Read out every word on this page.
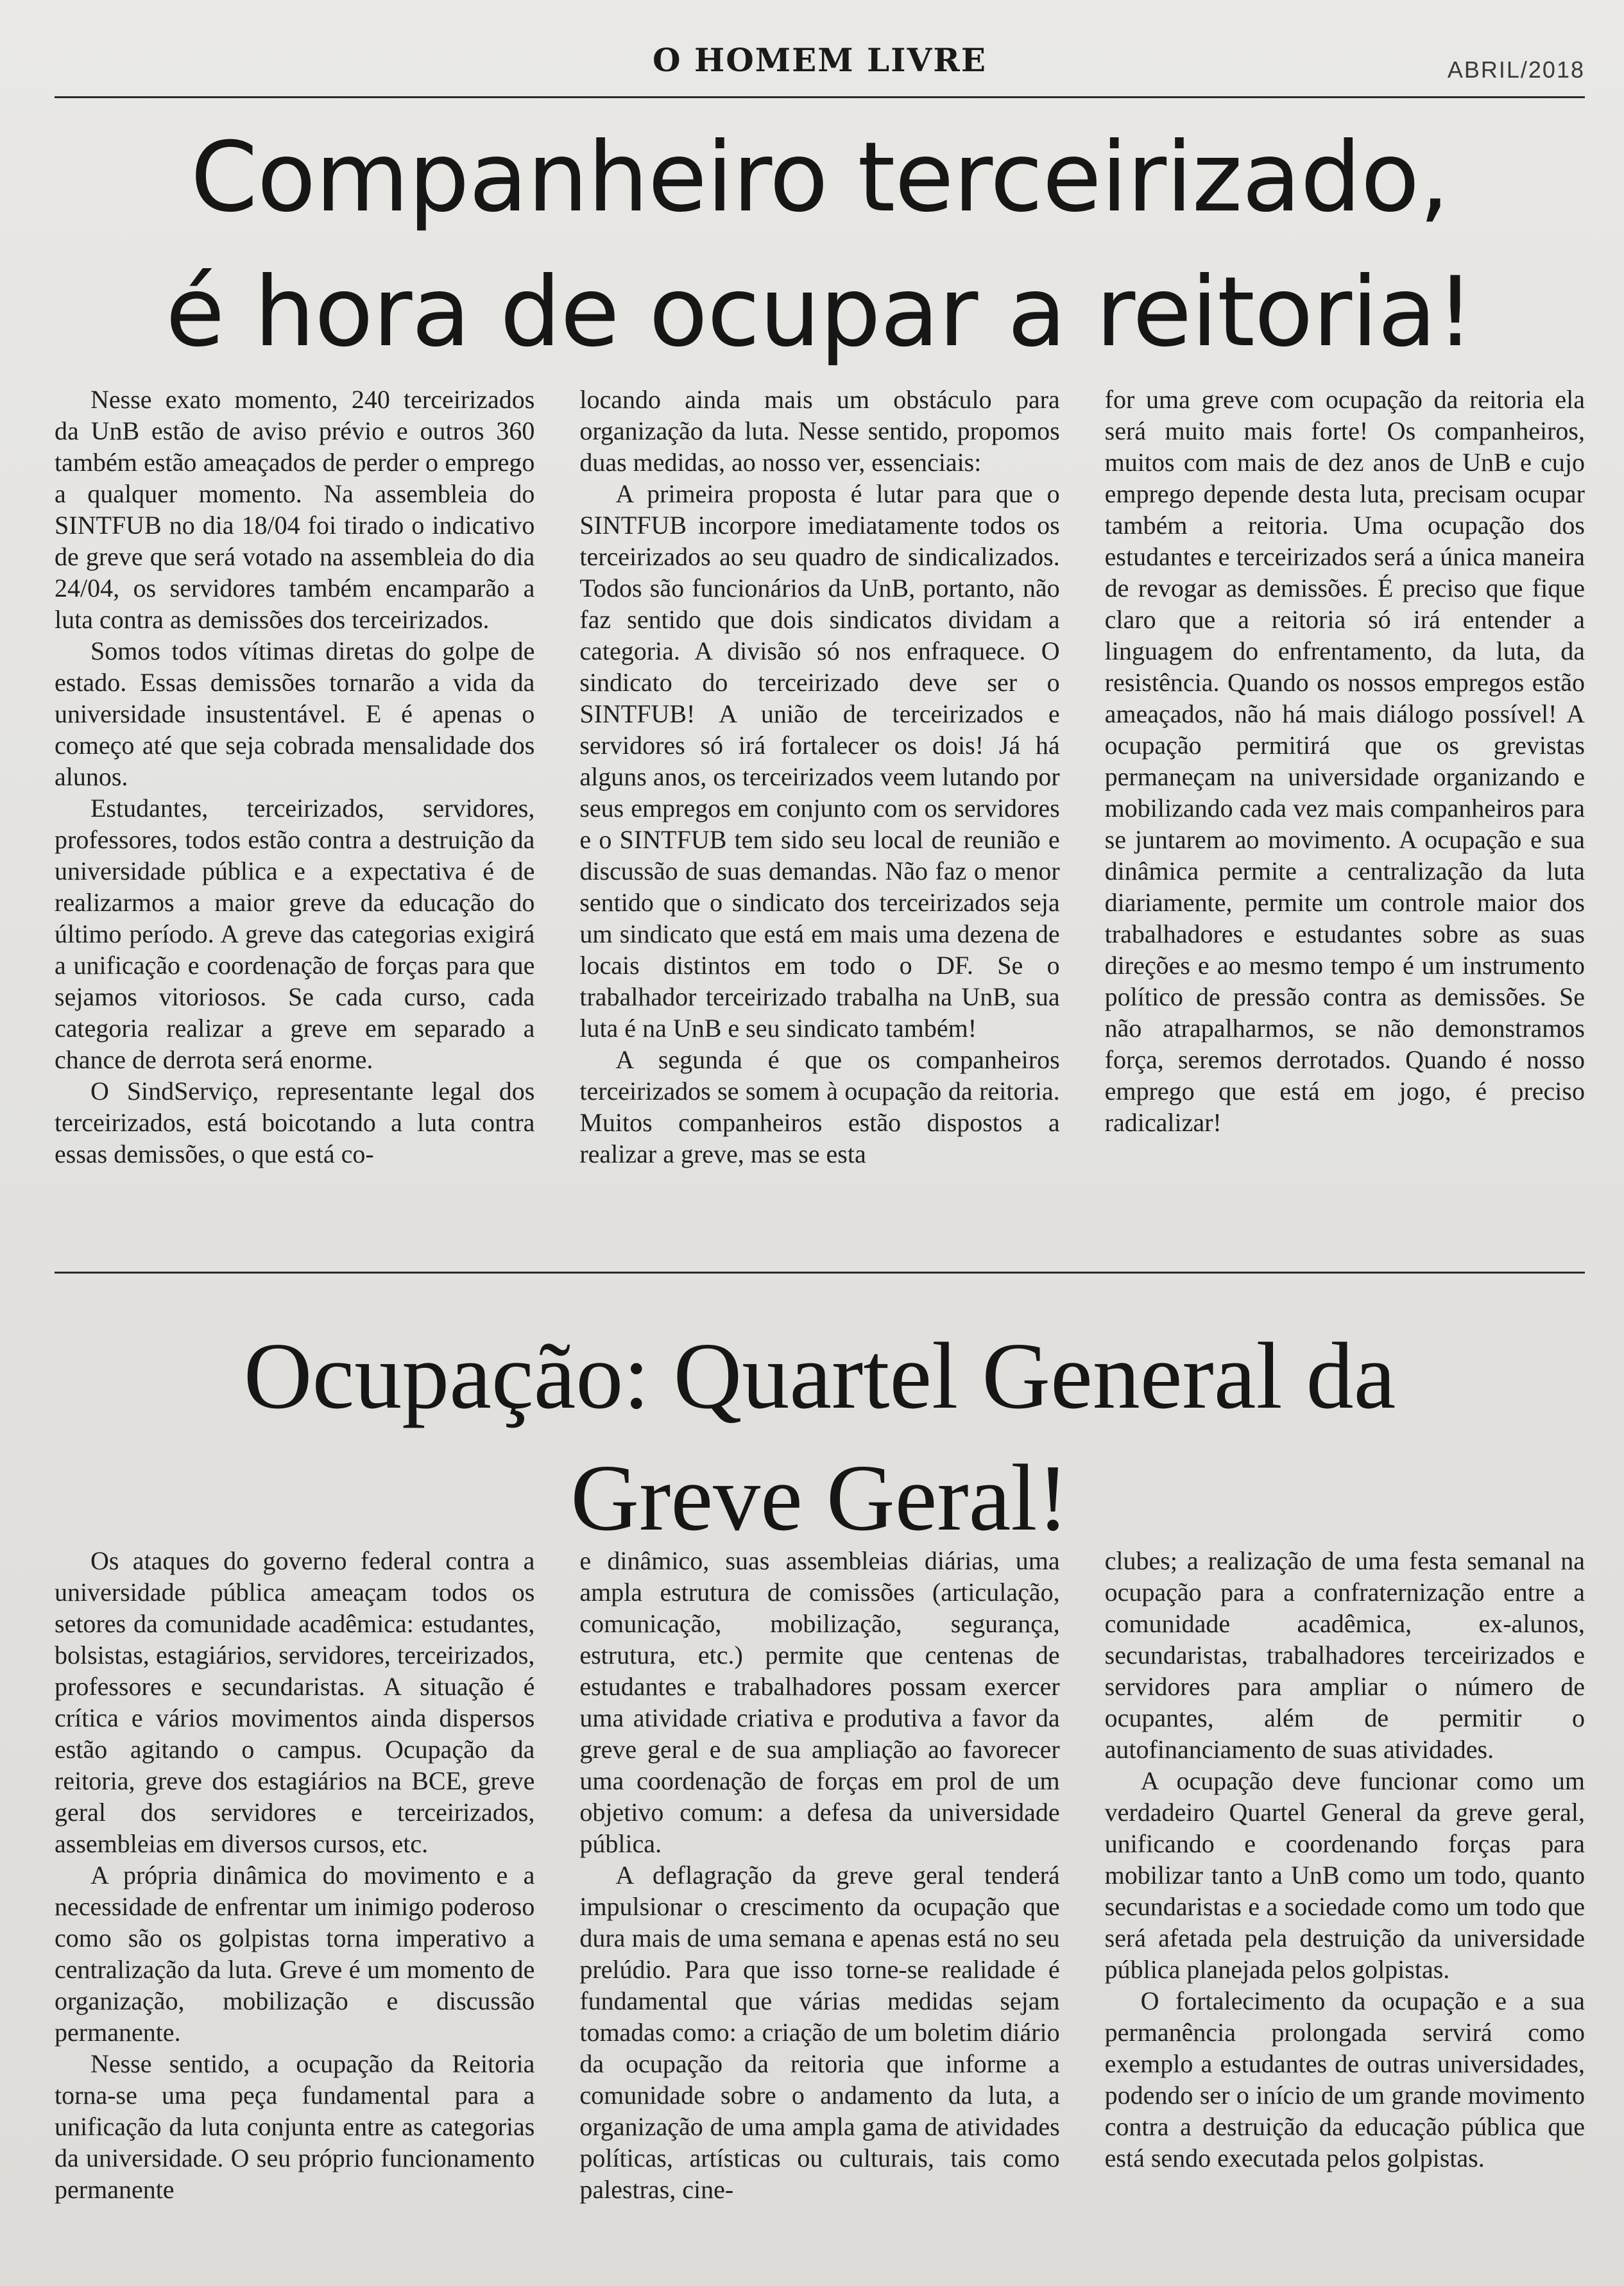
O HOMEM LIVRE	ABRIL/2018
Companheiro terceirizado,
é hora de ocupar a reitoria!

Nesse exato momento, 240 terceirizados da UnB estão de aviso prévio e outros 360 também estão ameaçados de perder o emprego a qualquer momento. Na assembleia do SINTFUB no dia 18/04 foi tirado o indicativo de greve que será votado na assembleia do dia 24/04, os servidores também encamparão a luta contra as demissões dos terceirizados.

Somos todos vítimas diretas do golpe de estado. Essas demissões tornarão a vida da universidade insustentável. E é apenas o começo até que seja cobrada mensalidade dos alunos.

Estudantes, terceirizados, servidores, professores, todos estão contra a destruição da universidade pública e a expectativa é de realizarmos a maior greve da educação do último período. A greve das categorias exigirá a unificação e coordenação de forças para que sejamos vitoriosos. Se cada curso, cada categoria realizar a greve em separado a chance de derrota será enorme.

O SindServiço, representante legal dos terceirizados, está boicotando a luta contra essas demissões, o que está co-

locando ainda mais um obstáculo para organização da luta. Nesse sentido, propomos duas medidas, ao nosso ver, essenciais:

A primeira proposta é lutar para que o SINTFUB incorpore imediatamente todos os terceirizados ao seu quadro de sindicalizados. Todos são funcionários da UnB, portanto, não faz sentido que dois sindicatos dividam a categoria. A divisão só nos enfraquece. O sindicato do terceirizado deve ser o SINTFUB! A união de terceirizados e servidores só irá fortalecer os dois! Já há alguns anos, os terceirizados veem lutando por seus empregos em conjunto com os servidores e o SINTFUB tem sido seu local de reunião e discussão de suas demandas. Não faz o menor sentido que o sindicato dos terceirizados seja um sindicato que está em mais uma dezena de locais distintos em todo o DF. Se o trabalhador terceirizado trabalha na UnB, sua luta é na UnB e seu sindicato também!

A segunda é que os companheiros terceirizados se somem à ocupação da reitoria. Muitos companheiros estão dispostos a realizar a greve, mas se esta

for uma greve com ocupação da reitoria ela será muito mais forte! Os companheiros, muitos com mais de dez anos de UnB e cujo emprego depende desta luta, precisam ocupar também a reitoria. Uma ocupação dos estudantes e terceirizados será a única maneira de revogar as demissões. É preciso que fique claro que a reitoria só irá entender a linguagem do enfrentamento, da luta, da resistência. Quando os nossos empregos estão ameaçados, não há mais diálogo possível! A ocupação permitirá que os grevistas permaneçam na universidade organizando e mobilizando cada vez mais companheiros para se juntarem ao movimento. A ocupação e sua dinâmica permite a centralização da luta diariamente, permite um controle maior dos trabalhadores e estudantes sobre as suas direções e ao mesmo tempo é um instrumento político de pressão contra as demissões. Se não atrapalharmos, se não demonstramos força, seremos derrotados. Quando é nosso emprego que está em jogo, é preciso radicalizar!

Ocupação: Quartel General da
Greve Geral!

Os ataques do governo federal contra a universidade pública ameaçam todos os setores da comunidade acadêmica: estudantes, bolsistas, estagiários, servidores, terceirizados, professores e secundaristas. A situação é crítica e vários movimentos ainda dispersos estão agitando o campus. Ocupação da reitoria, greve dos estagiários na BCE, greve geral dos servidores e terceirizados, assembleias em diversos cursos, etc.

A própria dinâmica do movimento e a necessidade de enfrentar um inimigo poderoso como são os golpistas torna imperativo a centralização da luta. Greve é um momento de organização, mobilização e discussão permanente.

Nesse sentido, a ocupação da Reitoria torna-se uma peça fundamental para a unificação da luta conjunta entre as categorias da universidade. O seu próprio funcionamento permanente

e dinâmico, suas assembleias diárias, uma ampla estrutura de comissões (articulação, comunicação, mobilização, segurança, estrutura, etc.) permite que centenas de estudantes e trabalhadores possam exercer uma atividade criativa e produtiva a favor da greve geral e de sua ampliação ao favorecer uma coordenação de forças em prol de um objetivo comum: a defesa da universidade pública.

A deflagração da greve geral tenderá impulsionar o crescimento da ocupação que dura mais de uma semana e apenas está no seu prelúdio. Para que isso torne-se realidade é fundamental que várias medidas sejam tomadas como: a criação de um boletim diário da ocupação da reitoria que informe a comunidade sobre o andamento da luta, a organização de uma ampla gama de atividades políticas, artísticas ou culturais, tais como palestras, cine-

clubes; a realização de uma festa semanal na ocupação para a confraternização entre a comunidade acadêmica, ex-alunos, secundaristas, trabalhadores terceirizados e servidores para ampliar o número de ocupantes, além de permitir o autofinanciamento de suas atividades.

A ocupação deve funcionar como um verdadeiro Quartel General da greve geral, unificando e coordenando forças para mobilizar tanto a UnB como um todo, quanto secundaristas e a sociedade como um todo que será afetada pela destruição da universidade pública planejada pelos golpistas.

O fortalecimento da ocupação e a sua permanência prolongada servirá como exemplo a estudantes de outras universidades, podendo ser o início de um grande movimento contra a destruição da educação pública que está sendo executada pelos golpistas.
